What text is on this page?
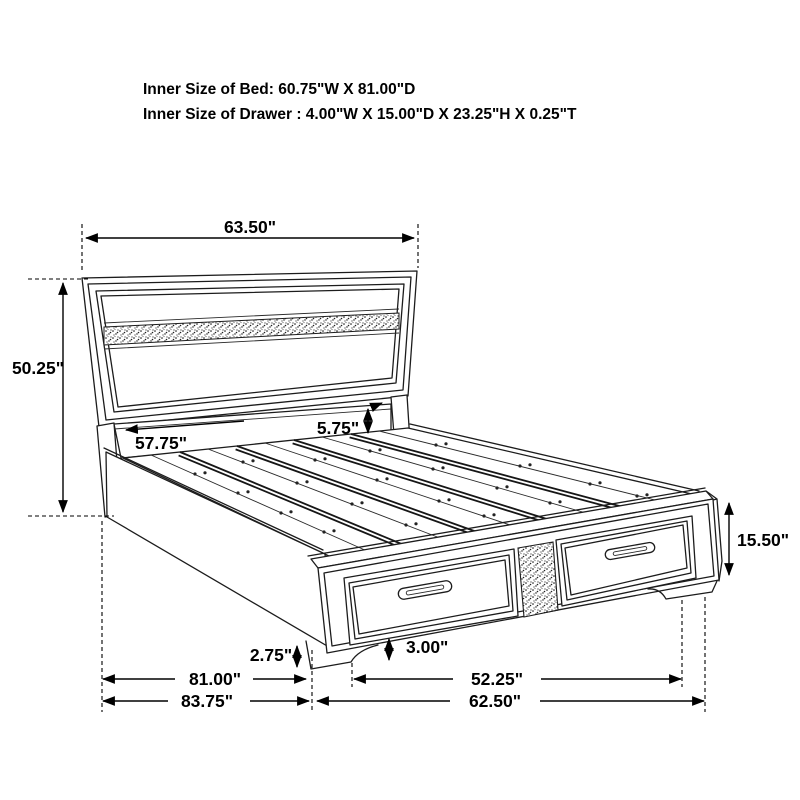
Inner Size of Bed: 60.75"W X 81.00"D
Inner Size of Drawer : 4.00"W X 15.00"D X 23.25"H X 0.25"T
63.50"
50.25"
57.75"
5.75"
15.50"
2.75"	3.00"
81.00"	52.25"
83.75"	62.50"
